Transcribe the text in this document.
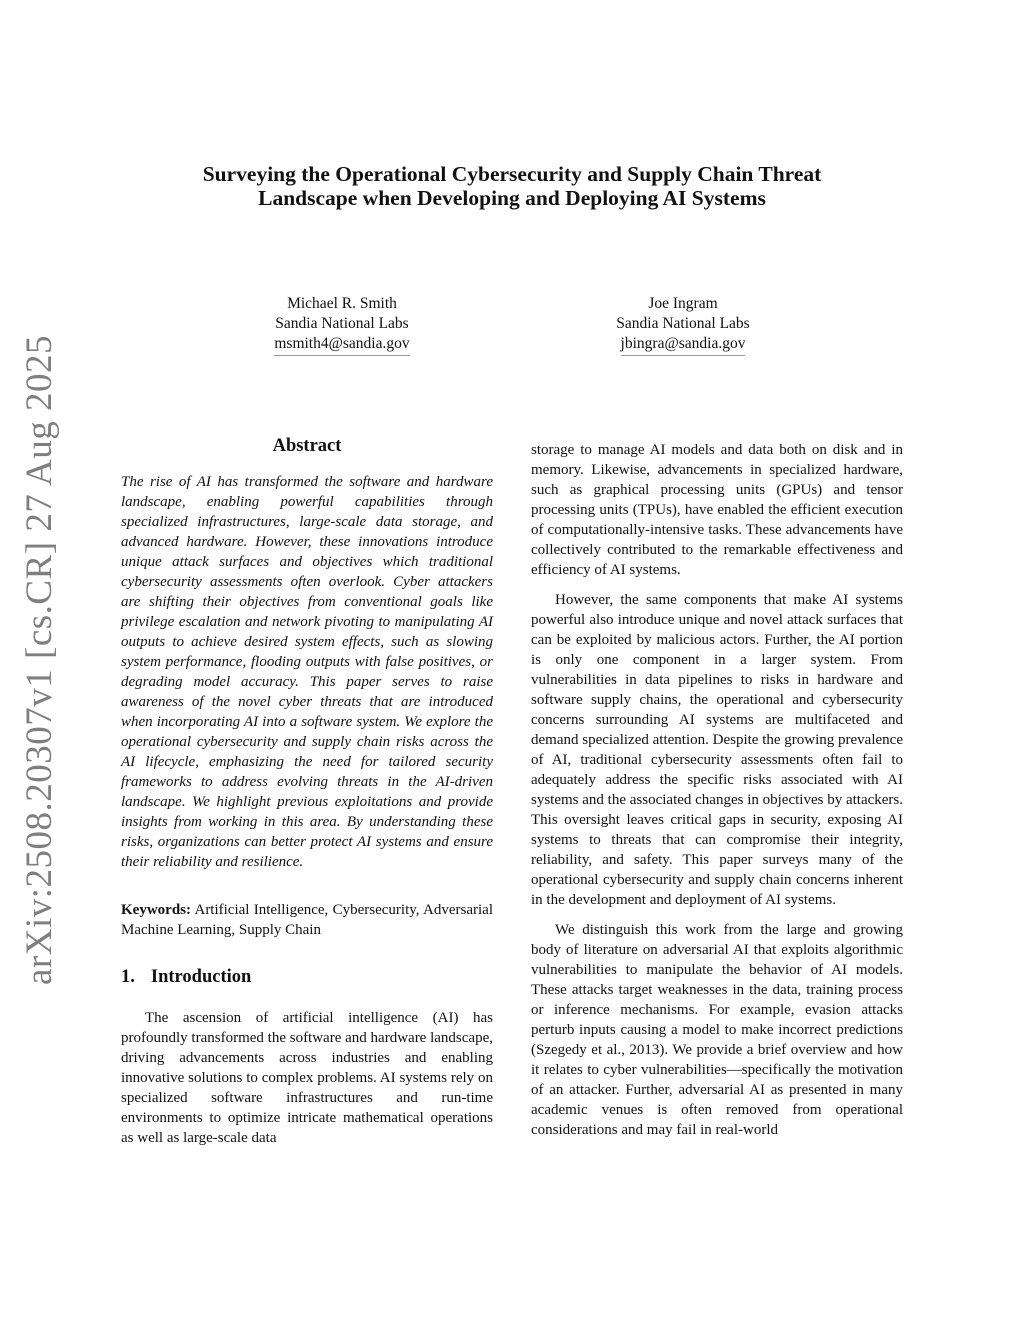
arXiv:2508.20307v1 [cs.CR] 27 Aug 2025
Surveying the Operational Cybersecurity and Supply Chain Threat
Landscape when Developing and Deploying AI Systems
Michael R. Smith
Sandia National Labs
msmith4@sandia.gov
Joe Ingram
Sandia National Labs
jbingra@sandia.gov
Abstract

The rise of AI has transformed the software and hardware landscape, enabling powerful capabilities through specialized infrastructures, large-scale data storage, and advanced hardware. However, these innovations introduce unique attack surfaces and objectives which traditional cybersecurity assessments often overlook. Cyber attackers are shifting their objectives from conventional goals like privilege escalation and network pivoting to manipulating AI outputs to achieve desired system effects, such as slowing system performance, flooding outputs with false positives, or degrading model accuracy. This paper serves to raise awareness of the novel cyber threats that are introduced when incorporating AI into a software system. We explore the operational cybersecurity and supply chain risks across the AI lifecycle, emphasizing the need for tailored security frameworks to address evolving threats in the AI-driven landscape. We highlight previous exploitations and provide insights from working in this area. By understanding these risks, organizations can better protect AI systems and ensure their reliability and resilience.

Keywords: Artificial Intelligence, Cybersecurity, Adversarial Machine Learning, Supply Chain

1. Introduction

The ascension of artificial intelligence (AI) has profoundly transformed the software and hardware landscape, driving advancements across industries and enabling innovative solutions to complex problems. AI systems rely on specialized software infrastructures and run-time environments to optimize intricate mathematical operations as well as large-scale data

storage to manage AI models and data both on disk and in memory. Likewise, advancements in specialized hardware, such as graphical processing units (GPUs) and tensor processing units (TPUs), have enabled the efficient execution of computationally-intensive tasks. These advancements have collectively contributed to the remarkable effectiveness and efficiency of AI systems.

However, the same components that make AI systems powerful also introduce unique and novel attack surfaces that can be exploited by malicious actors. Further, the AI portion is only one component in a larger system. From vulnerabilities in data pipelines to risks in hardware and software supply chains, the operational and cybersecurity concerns surrounding AI systems are multifaceted and demand specialized attention. Despite the growing prevalence of AI, traditional cybersecurity assessments often fail to adequately address the specific risks associated with AI systems and the associated changes in objectives by attackers. This oversight leaves critical gaps in security, exposing AI systems to threats that can compromise their integrity, reliability, and safety. This paper surveys many of the operational cybersecurity and supply chain concerns inherent in the development and deployment of AI systems.

We distinguish this work from the large and growing body of literature on adversarial AI that exploits algorithmic vulnerabilities to manipulate the behavior of AI models. These attacks target weaknesses in the data, training process or inference mechanisms. For example, evasion attacks perturb inputs causing a model to make incorrect predictions (Szegedy et al., 2013). We provide a brief overview and how it relates to cyber vulnerabilities—specifically the motivation of an attacker. Further, adversarial AI as presented in many academic venues is often removed from operational considerations and may fail in real-world
